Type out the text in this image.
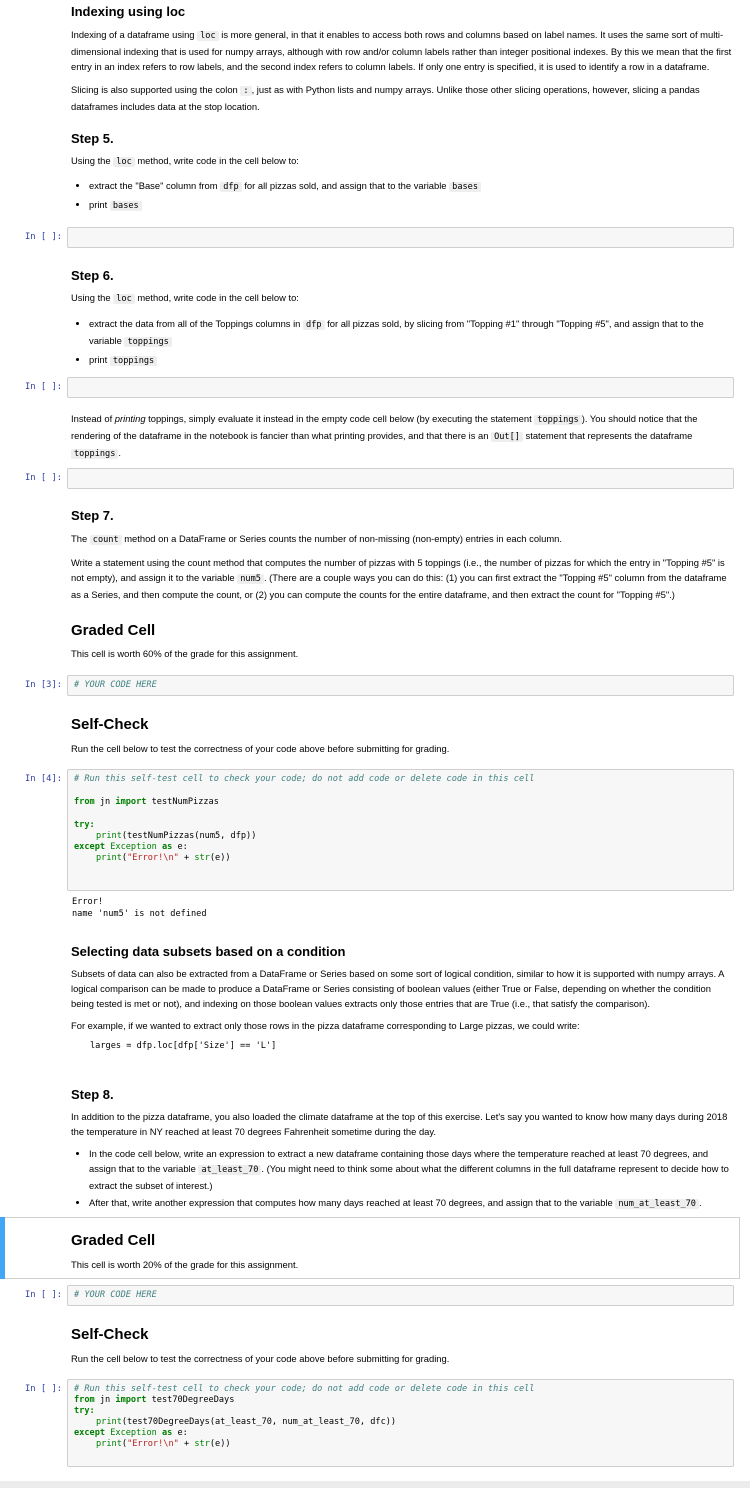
Indexing using loc

Indexing of a dataframe using loc is more general, in that it enables to access both rows and columns based on label names. It uses the same sort of multi-dimensional indexing that is used for numpy arrays, although with row and/or column labels rather than integer positional indexes. By this we mean that the first entry in an index refers to row labels, and the second index refers to column labels. If only one entry is specified, it is used to identify a row in a dataframe.

Slicing is also supported using the colon : , just as with Python lists and numpy arrays. Unlike those other slicing operations, however, slicing a pandas dataframes includes data at the stop location.

Step 5.

Using the loc method, write code in the cell below to:

• extract the "Base" column from dfp for all pizzas sold, and assign that to the variable bases
• print bases
In [ ]:
Step 6.

Using the loc method, write code in the cell below to:

• extract the data from all of the Toppings columns in dfp for all pizzas sold, by slicing from "Topping #1" through "Topping #5", and assign that to the variable toppings
• print toppings
In [ ]:

Instead of printing toppings, simply evaluate it instead in the empty code cell below (by executing the statement toppings ). You should notice that the rendering of the dataframe in the notebook is fancier than what printing provides, and that there is an Out[] statement that represents the dataframe toppings .

In [ ]:
Step 7.

The count method on a DataFrame or Series counts the number of non-missing (non-empty) entries in each column.

Write a statement using the count method that computes the number of pizzas with 5 toppings (i.e., the number of pizzas for which the entry in "Topping #5" is not empty), and assign it to the variable num5 . (There are a couple ways you can do this: (1) you can first extract the "Topping #5" column from the dataframe as a Series, and then compute the count, or (2) you can compute the counts for the entire dataframe, and then extract the count for "Topping #5".)

Graded Cell

This cell is worth 60% of the grade for this assignment.

In [3]:	# YOUR CODE HERE
Self-Check

Run the cell below to test the correctness of your code above before submitting for grading.

In [4]:	# Run this self-test cell to check your code; do not add code or delete code in this cell
from jn import testNumPizzas
try:
print(testNumPizzas(num5, dfp))
except Exception as e:
print("Error!\n" + str(e))
Error!
name 'num5' is not defined
Selecting data subsets based on a condition

Subsets of data can also be extracted from a DataFrame or Series based on some sort of logical condition, similar to how it is supported with numpy arrays. A logical comparison can be made to produce a DataFrame or Series consisting of boolean values (either True or False, depending on whether the condition being tested is met or not), and indexing on those boolean values extracts only those entries that are True (i.e., that satisfy the comparison).

For example, if we wanted to extract only those rows in the pizza dataframe corresponding to Large pizzas, we could write:

larges = dfp.loc[dfp['Size'] == 'L']
Step 8.

In addition to the pizza dataframe, you also loaded the climate dataframe at the top of this exercise. Let's say you wanted to know how many days during 2018 the temperature in NY reached at least 70 degrees Fahrenheit sometime during the day.

• In the code cell below, write an expression to extract a new dataframe containing those days where the temperature reached at least 70 degrees, and assign that to the variable at_least_70 . (You might need to think some about what the different columns in the full dataframe represent to decide how to extract the subset of interest.)
• After that, write another expression that computes how many days reached at least 70 degrees, and assign that to the variable num_at_least_70 .
Graded Cell

This cell is worth 20% of the grade for this assignment.

In [ ]:	# YOUR CODE HERE
Self-Check

Run the cell below to test the correctness of your code above before submitting for grading.

In [ ]:	# Run this self-test cell to check your code; do not add code or delete code in this cell
from jn import test70DegreeDays
try:
print(test70DegreeDays(at_least_70, num_at_least_70, dfc))
except Exception as e:
print("Error!\n" + str(e))
